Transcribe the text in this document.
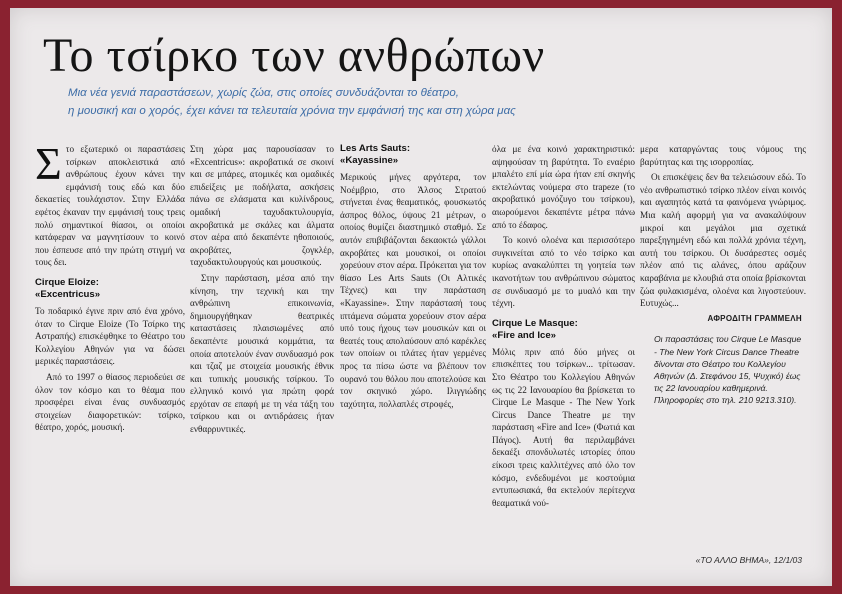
Το τσίρκο των ανθρώπων
Μια νέα γενιά παραστάσεων, χωρίς ζώα, στις οποίες συνδυάζονται το θέατρο,
η μουσική και ο χορός, έχει κάνει τα τελευταία χρόνια την εμφάνισή της και στη χώρα μας
Σ το εξωτερικό οι παραστάσεις τσίρκων αποκλειστικά από ανθρώπους έχουν κάνει την εμφάνισή τους εδώ και δύο δεκαετίες τουλάχιστον. Στην Ελλάδα εφέτος έκαναν την εμφάνισή τους τρεις πολύ σημαντικοί θίασοι, οι οποίοι κατάφεραν να μαγνητίσουν το κοινό που έσπευσε από την πρώτη στιγμή να τους δει.

Cirque Eloize:
«Excentricus»

Το ποδαρικό έγινε πριν από ένα χρόνο, όταν το Cirque Eloize (Το Τσίρκο της Αστραπής) επισκέφθηκε το Θέατρο του Κολλεγίου Αθηνών για να δώσει μερικές παραστάσεις.

Από το 1997 ο θίασος περιοδεύει σε όλον τον κόσμο και το θέαμα που προσφέρει είναι ένας συνδυασμός στοιχείων διαφορετικών: τσίρκο, θέατρο, χορός, μουσική.

Στη χώρα μας παρουσίασαν το «Excentricus»: ακροβατικά σε σκοινί και σε μπάρες, ατομικές και ομαδικές επιδείξεις με ποδήλατα, ασκήσεις πάνω σε ελάσματα και κυλίνδρους, ομαδική ταχυδακτυλουργία, ακροβατικά με σκάλες και άλματα στον αέρα από δεκαπέντε ηθοποιούς, ακροβάτες, ζογκλέρ, ταχυδακτυλουργούς και μουσικούς.

Στην παράσταση, μέσα από την κίνηση, την τεχνική και την ανθρώπινη επικοινωνία, δημιουργήθηκαν θεατρικές καταστάσεις πλαισιωμένες από δεκαπέντε μουσικά κομμάτια, τα οποία αποτελούν έναν συνδυασμό ροκ και τζαζ με στοιχεία μουσικής έθνικ και τυπικής μουσικής τσίρκου. Το ελληνικό κοινό για πρώτη φορά ερχόταν σε επαφή με τη νέα τάξη του τσίρκου και οι αντιδράσεις ήταν ενθαρρυντικές.

Les Arts Sauts:
«Kayassine»

Μερικούς μήνες αργότερα, τον Νοέμβριο, στο Άλσος Στρατού στήνεται ένας θεαματικός, φουσκωτός άσπρος θόλος, ύψους 21 μέτρων, ο οποίος θυμίζει διαστημικό σταθμό. Σε αυτόν επιβιβάζονται δεκαοκτώ γάλλοι ακροβάτες και μουσικοί, οι οποίοι χορεύουν στον αέρα. Πρόκειται για τον θίασο Les Arts Sauts (Οι Αλτικές Τέχνες) και την παράσταση «Kayassine». Στην παράστασή τους ιπτάμενα σώματα χορεύουν στον αέρα υπό τους ήχους των μουσικών και οι θεατές τους απολαύσουν από καρέκλες των οποίων οι πλάτες ήταν γερμένες προς τα πίσω ώστε να βλέπουν τον ουρανό του θόλου που αποτελούσε και τον σκηνικό χώρο. Ιλιγγιώδης ταχύτητα, πολλαπλές στροφές,

όλα με ένα κοινό χαρακτηριστικό: αψηφούσαν τη βαρύτητα. Το εναέριο μπαλέτο επί μία ώρα ήταν επί σκηνής εκτελώντας νούμερα στο trapeze (το ακροβατικό μονόζυγο του τσίρκου), αιωρούμενοι δεκαπέντε μέτρα πάνω από το έδαφος.

Το κοινό ολοένα και περισσότερο συγκινείται από το νέο τσίρκο και κυρίως ανακαλύπτει τη γοητεία των ικανοτήτων του ανθρώπινου σώματος σε συνδυασμό με το μυαλό και την τέχνη.

Cirque Le Masque:
«Fire and Ice»

Μόλις πριν από δύο μήνες οι επισκέπτες του τσίρκων... τρίτωσαν. Στο Θέατρο του Κολλεγίου Αθηνών ως τις 22 Ιανουαρίου θα βρίσκεται το Cirque Le Masque - The New York Circus Dance Theatre με την παράσταση «Fire and Ice» (Φωτιά και Πάγος). Αυτή θα περιλαμβάνει δεκαέξι σπονδυλωτές ιστορίες όπου είκοσι τρεις καλλιτέχνες από όλο τον κόσμο, ενδεδυμένοι με κοστούμια εντυπωσιακά, θα εκτελούν περίτεχνα θεαματικά νού-

μερα καταργώντας τους νόμους της βαρύτητας και της ισορροπίας.

Οι επισκέψεις δεν θα τελειώσουν εδώ. Το νέο ανθρωπιστικό τσίρκο πλέον είναι κοινός και αγαπητός κατά τα φαινόμενα γνώριμος. Μια καλή αφορμή για να ανακαλύψουν μικροί και μεγάλοι μια σχετικά παρεξηγημένη εδώ και πολλά χρόνια τέχνη, αυτή του τσίρκου. Οι δυσάρεστες οσμές πλέον από τις αλάνες, όπου αράζουν καραβάνια με κλουβιά στα οποία βρίσκονται ζώα φυλακισμένα, ολοένα και λιγοστεύουν. Ευτυχώς...

ΑΦΡΟΔΙΤΗ ΓΡΑΜΜΕΛΗ
Οι παραστάσεις του Cirque Le Masque - The New York Circus Dance Theatre δίνονται στο Θέατρο του Κολλεγίου Αθηνών (Δ. Στεφάνου 15, Ψυχικό) έως τις 22 Ιανουαρίου καθημερινά. Πληροφορίες στο τηλ. 210 9213.310).
«ΤΟ ΑΛΛΟ ΒΗΜΑ», 12/1/03
